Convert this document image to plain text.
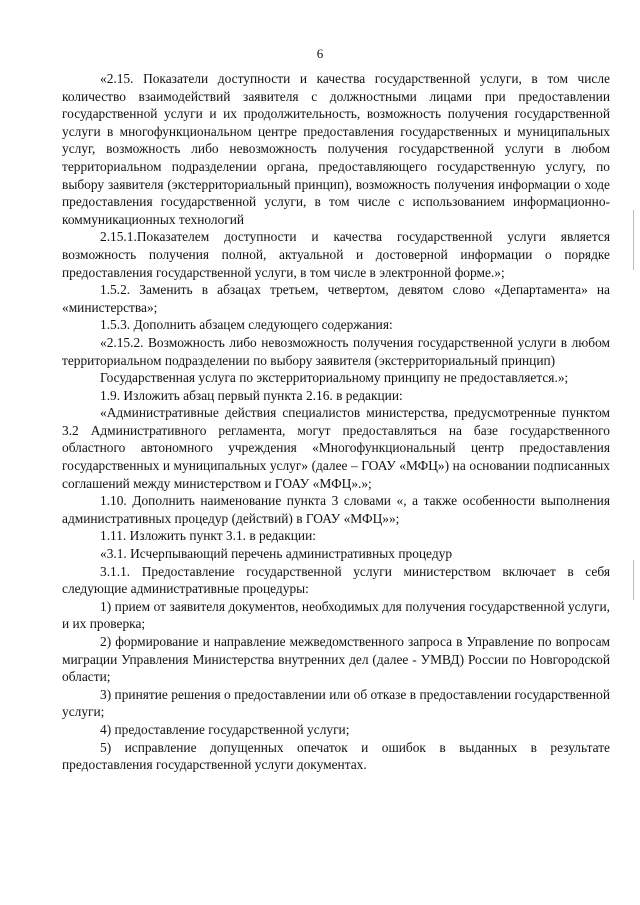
6

«2.15. Показатели доступности и качества государственной услуги, в том числе количество взаимодействий заявителя с должностными лицами при предоставлении государственной услуги и их продолжительность, возможность получения государственной услуги в многофункциональном центре предоставления государственных и муниципальных услуг, возможность либо невозможность получения государственной услуги в любом территориальном подразделении органа, предоставляющего государственную услугу, по выбору заявителя (экстерриториальный принцип), возможность получения информации о ходе предоставления государственной услуги, в том числе с использованием информационно-коммуникационных технологий

2.15.1.Показателем доступности и качества государственной услуги является возможность получения полной, актуальной и достоверной информации о порядке предоставления государственной услуги, в том числе в электронной форме.»;

1.5.2. Заменить в абзацах третьем, четвертом, девятом слово «Департамента» на «министерства»;

1.5.3. Дополнить абзацем следующего содержания:

«2.15.2. Возможность либо невозможность получения государственной услуги в любом территориальном подразделении по выбору заявителя (экстерриториальный принцип)

Государственная услуга по экстерриториальному принципу не предоставляется.»;

1.9. Изложить абзац первый пункта 2.16. в редакции:

«Административные действия специалистов министерства, предусмотренные пунктом 3.2 Административного регламента, могут предоставляться на базе государственного областного автономного учреждения «Многофункциональный центр предоставления государственных и муниципальных услуг» (далее – ГОАУ «МФЦ») на основании подписанных соглашений между министерством и ГОАУ «МФЦ».»;

1.10. Дополнить наименование пункта 3 словами «, а также особенности выполнения административных процедур (действий) в ГОАУ «МФЦ»»;

1.11. Изложить пункт 3.1. в редакции:

«3.1. Исчерпывающий перечень административных процедур

3.1.1. Предоставление государственной услуги министерством включает в себя следующие административные процедуры:

1) прием от заявителя документов, необходимых для получения государственной услуги, и их проверка;

2) формирование и направление межведомственного запроса в Управление по вопросам миграции Управления Министерства внутренних дел (далее - УМВД) России по Новгородской области;

3) принятие решения о предоставлении или об отказе в предоставлении государственной услуги;

4) предоставление государственной услуги;

5) исправление допущенных опечаток и ошибок в выданных в результате предоставления государственной услуги документах.
